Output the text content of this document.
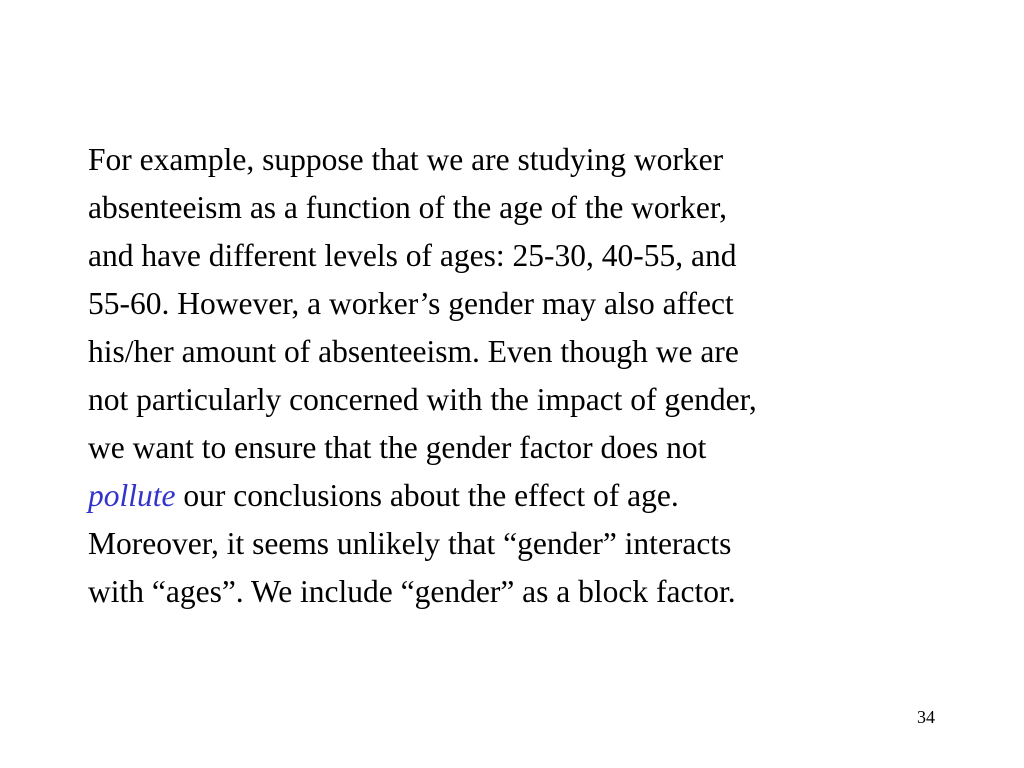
For example, suppose that we are studying worker
absenteeism as a function of the age of the worker,
and have different levels of ages: 25-30, 40-55, and
55-60. However, a worker’s gender may also affect
his/her amount of absenteeism. Even though we are
not particularly concerned with the impact of gender,
we want to ensure that the gender factor does not
pollute our conclusions about the effect of age.
Moreover, it seems unlikely that “gender” interacts
with “ages”. We include “gender” as a block factor.
34
